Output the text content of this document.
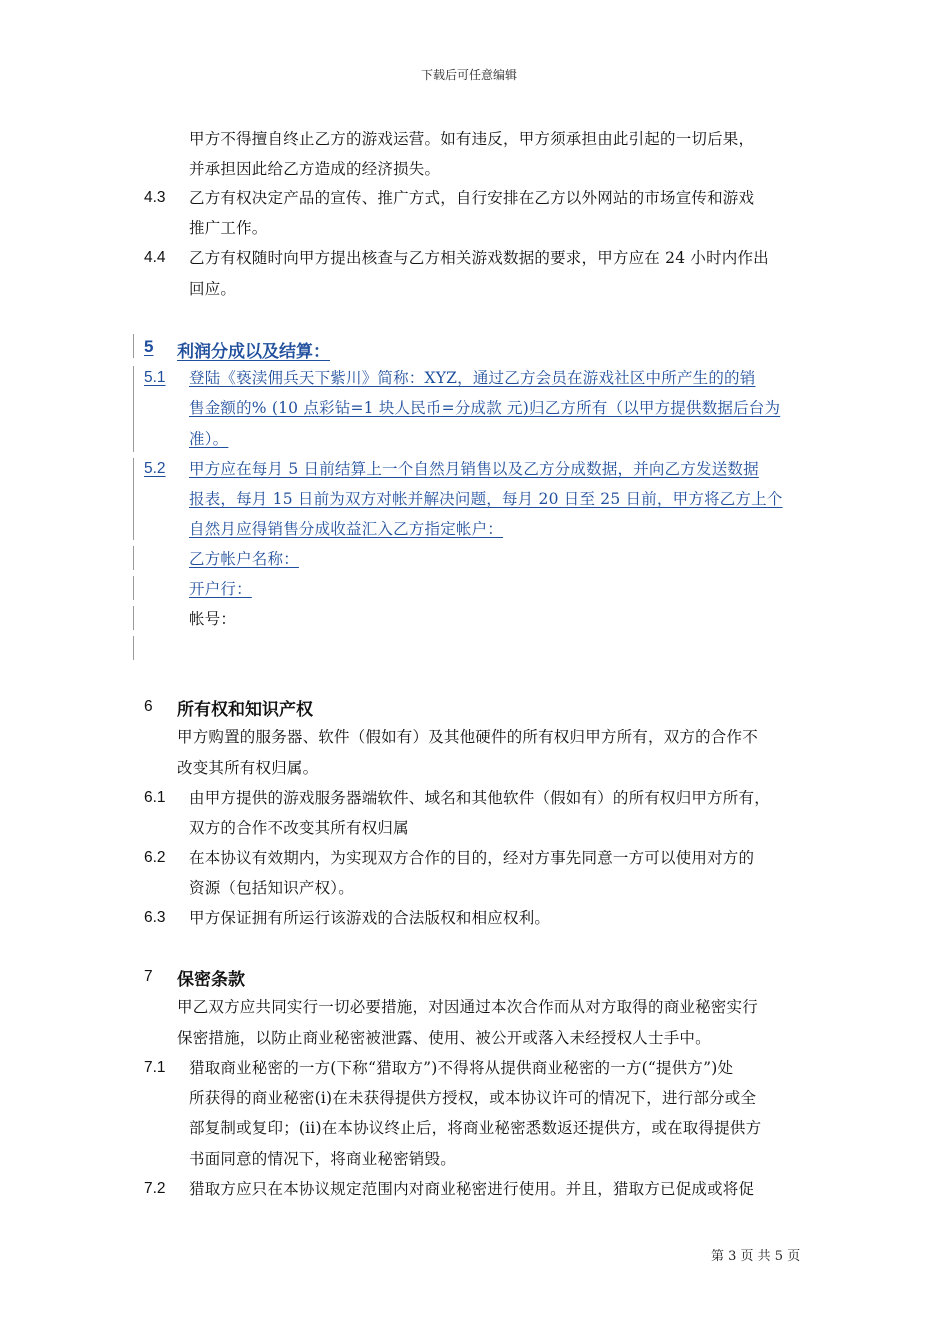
下载后可任意编辑
甲方不得擅自终止乙方的游戏运营。如有违反，甲方须承担由此引起的一切后果，
并承担因此给乙方造成的经济损失。
4.3 乙方有权决定产品的宣传、推广方式，自行安排在乙方以外网站的市场宣传和游戏
推广工作。
4.4 乙方有权随时向甲方提出核查与乙方相关游戏数据的要求，甲方应在 24 小时内作出
回应。
5 利润分成以及结算：
5.1 登陆《亵渎佣兵天下紫川》简称：XYZ，通过乙方会员在游戏社区中所产生的的销
售金额的% (10 点彩钻=1 块人民币=分成款 元)归乙方所有（以甲方提供数据后台为
准）。
5.2 甲方应在每月 5 日前结算上一个自然月销售以及乙方分成数据，并向乙方发送数据
报表，每月 15 日前为双方对帐并解决问题，每月 20 日至 25 日前，甲方将乙方上个
自然月应得销售分成收益汇入乙方指定帐户：
乙方帐户名称：
开户行：
帐号：
6 所有权和知识产权
甲方购置的服务器、软件（假如有）及其他硬件的所有权归甲方所有，双方的合作不
改变其所有权归属。
6.1 由甲方提供的游戏服务器端软件、域名和其他软件（假如有）的所有权归甲方所有，
双方的合作不改变其所有权归属
6.2 在本协议有效期内，为实现双方合作的目的，经对方事先同意一方可以使用对方的
资源（包括知识产权）。
6.3 甲方保证拥有所运行该游戏的合法版权和相应权利。
7 保密条款
甲乙双方应共同实行一切必要措施，对因通过本次合作而从对方取得的商业秘密实行
保密措施，以防止商业秘密被泄露、使用、被公开或落入未经授权人士手中。
7.1 猎取商业秘密的一方(下称“猎取方”)不得将从提供商业秘密的一方(“提供方”)处
所获得的商业秘密(i)在未获得提供方授权，或本协议许可的情况下，进行部分或全
部复制或复印；(ii)在本协议终止后，将商业秘密悉数返还提供方，或在取得提供方
书面同意的情况下，将商业秘密销毁。
7.2 猎取方应只在本协议规定范围内对商业秘密进行使用。并且，猎取方已促成或将促
第 3 页 共 5 页
